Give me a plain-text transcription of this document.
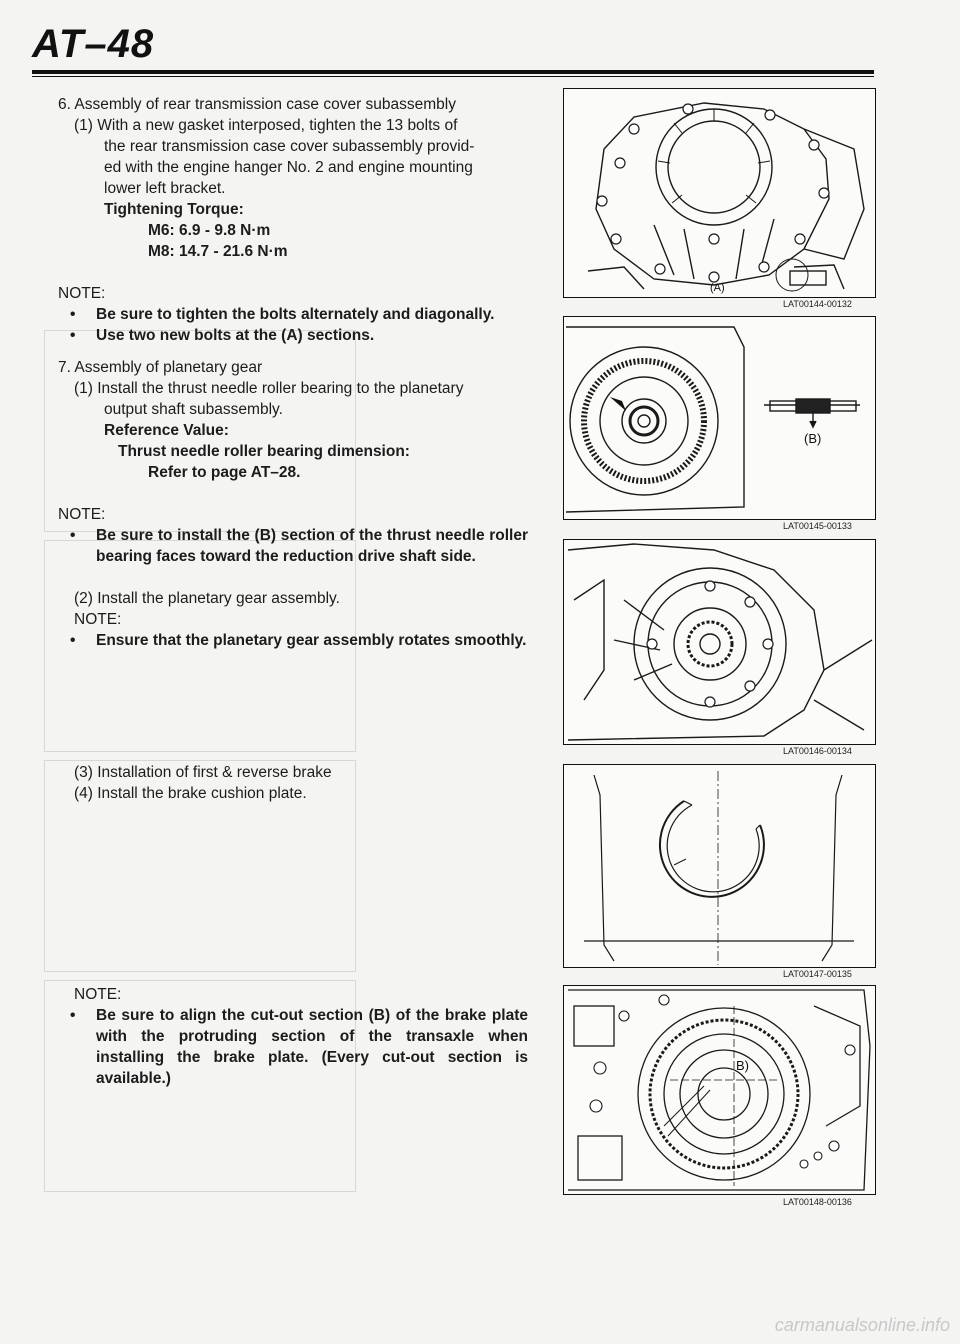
AT–48

6. Assembly of rear transmission case cover subassembly

(1) With a new gasket interposed, tighten the 13 bolts of

the rear transmission case cover subassembly provid-

ed with the engine hanger No. 2 and engine mounting

lower left bracket.

Tightening Torque:

M6: 6.9 - 9.8 N·m

M8: 14.7 - 21.6 N·m

NOTE:

•	Be sure to tighten the bolts alternately and diagonally.
•	Use two new bolts at the (A) sections.

7. Assembly of planetary gear

(1) Install the thrust needle roller bearing to the planetary

output shaft subassembly.

Reference Value:

Thrust needle roller bearing dimension:

Refer to page AT–28.

NOTE:

•	Be sure to install the (B) section of the thrust needle roller bearing faces toward the reduction drive shaft side.

(2) Install the planetary gear assembly.

NOTE:

•	Ensure that the planetary gear assembly rotates smoothly.

(3) Installation of first & reverse brake

(4) Install the brake cushion plate.

NOTE:

•	Be sure to align the cut-out section (B) of the brake plate with the protruding section of the transaxle when installing the brake plate. (Every cut-out section is available.)
(A)
LAT00144-00132
(B)
LAT00145-00133
LAT00146-00134
LAT00147-00135
B)
LAT00148-00136
carmanualsonline.info
